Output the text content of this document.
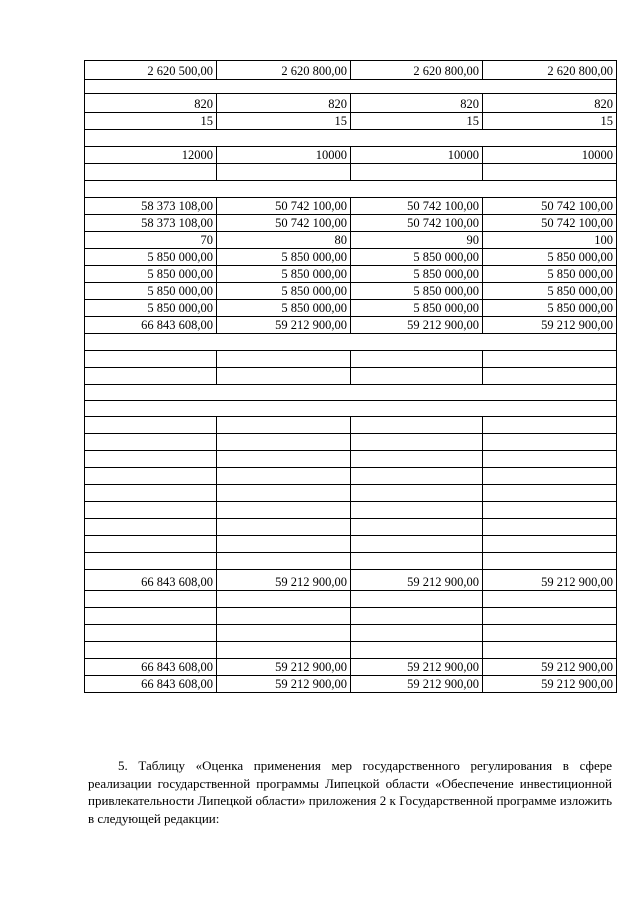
2 620 500,00	2 620 800,00	2 620 800,00	2 620 800,00

820	820	820	820
15	15	15	15

12000	10000	10000	10000

58 373 108,00	50 742 100,00	50 742 100,00	50 742 100,00
58 373 108,00	50 742 100,00	50 742 100,00	50 742 100,00
70	80	90	100
5 850 000,00	5 850 000,00	5 850 000,00	5 850 000,00
5 850 000,00	5 850 000,00	5 850 000,00	5 850 000,00
5 850 000,00	5 850 000,00	5 850 000,00	5 850 000,00
5 850 000,00	5 850 000,00	5 850 000,00	5 850 000,00
66 843 608,00	59 212 900,00	59 212 900,00	59 212 900,00

66 843 608,00	59 212 900,00	59 212 900,00	59 212 900,00

66 843 608,00	59 212 900,00	59 212 900,00	59 212 900,00
66 843 608,00	59 212 900,00	59 212 900,00	59 212 900,00

5. Таблицу «Оценка применения мер государственного регулирования в сфере реализации государственной программы Липецкой области «Обеспечение инвестиционной привлекательности Липецкой области» приложения 2 к Государственной программе изложить в следующей редакции:
